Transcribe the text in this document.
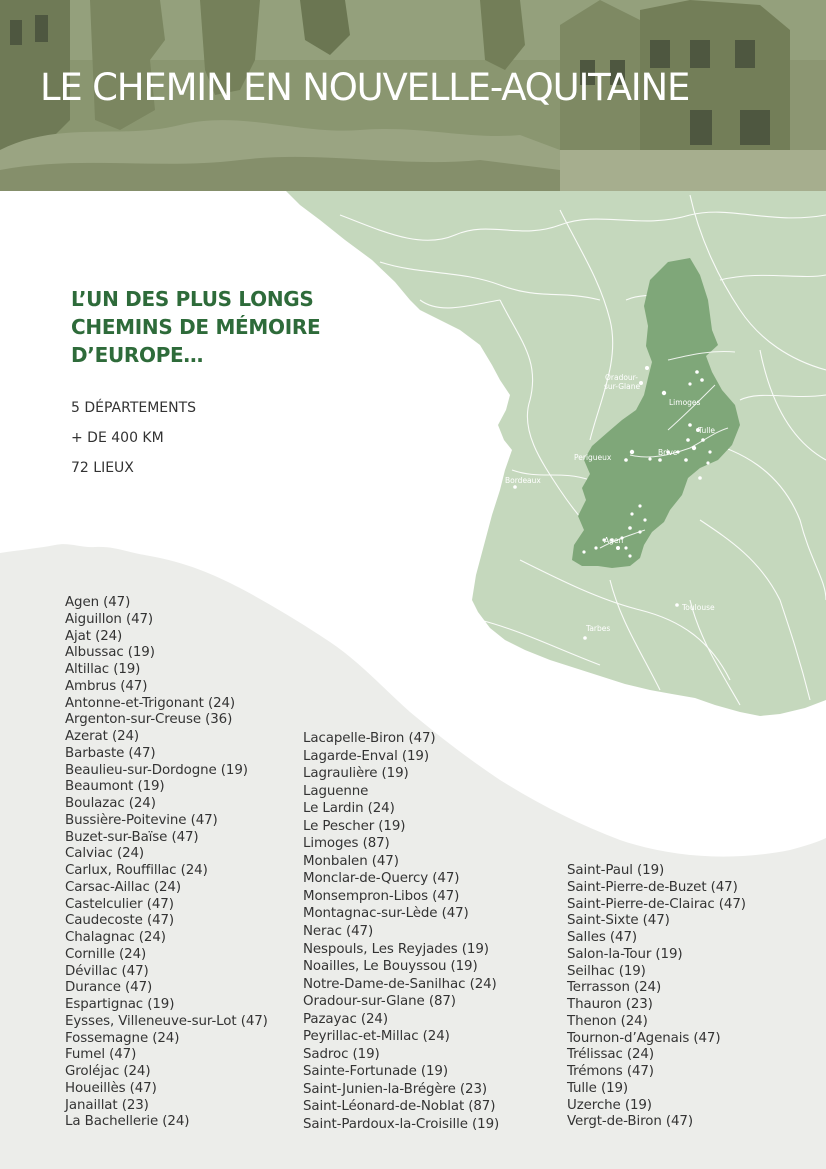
Oradour-
sur-Glane
Limoges
Tulle
Brive
Perigueux
Bordeaux
Agen
Toulouse
Tarbes
LE CHEMIN EN NOUVELLE-AQUITAINE
L’UN DES PLUS LONGS
CHEMINS DE MÉMOIRE
D’EUROPE…
5 DÉPARTEMENTS
+ DE 400 KM
72 LIEUX
Agen (47)
Aiguillon (47)
Ajat (24)
Albussac (19)
Altillac (19)
Ambrus (47)
Antonne-et-Trigonant (24)
Argenton-sur-Creuse (36)
Azerat (24)
Barbaste (47)
Beaulieu-sur-Dordogne (19)
Beaumont (19)
Boulazac (24)
Bussière-Poitevine (47)
Buzet-sur-Baïse (47)
Calviac (24)
Carlux, Rouffillac (24)
Carsac-Aillac (24)
Castelculier (47)
Caudecoste (47)
Chalagnac (24)
Cornille (24)
Dévillac (47)
Durance (47)
Espartignac (19)
Eysses, Villeneuve-sur-Lot (47)
Fossemagne (24)
Fumel (47)
Groléjac (24)
Houeillès (47)
Janaillat (23)
La Bachellerie (24)
Lacapelle-Biron (47)
Lagarde-Enval (19)
Lagraulière (19)
Laguenne
Le Lardin (24)
Le Pescher (19)
Limoges (87)
Monbalen (47)
Monclar-de-Quercy (47)
Monsempron-Libos (47)
Montagnac-sur-Lède (47)
Nerac (47)
Nespouls, Les Reyjades (19)
Noailles, Le Bouyssou (19)
Notre-Dame-de-Sanilhac (24)
Oradour-sur-Glane (87)
Pazayac (24)
Peyrillac-et-Millac (24)
Sadroc (19)
Sainte-Fortunade (19)
Saint-Junien-la-Brégère (23)
Saint-Léonard-de-Noblat (87)
Saint-Pardoux-la-Croisille (19)
Saint-Paul (19)
Saint-Pierre-de-Buzet (47)
Saint-Pierre-de-Clairac (47)
Saint-Sixte (47)
Salles (47)
Salon-la-Tour (19)
Seilhac (19)
Terrasson (24)
Thauron (23)
Thenon (24)
Tournon-d’Agenais (47)
Trélissac (24)
Trémons (47)
Tulle (19)
Uzerche (19)
Vergt-de-Biron (47)
